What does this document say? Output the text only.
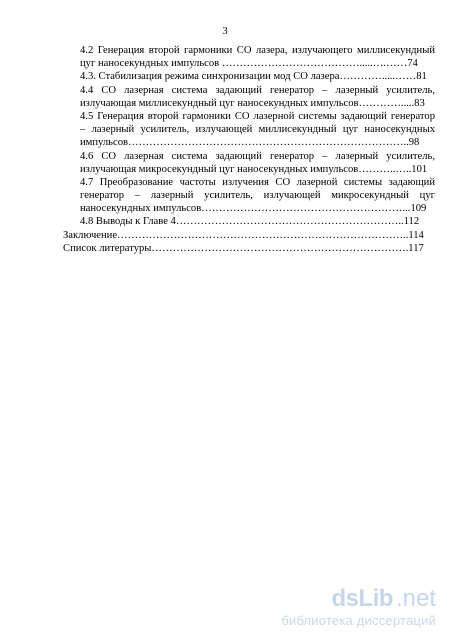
3
4.2 Генерация второй гармоники СО лазера, излучающего миллисекундный
цуг наносекундных импульсов ………………………………….....….……74
4.3. Стабилизация режима синхронизации мод СО лазера………….....……81
4.4 СО лазерная система задающий генератор – лазерный усилитель,
излучающая миллисекундный цуг наносекундных импульсов………….....83
4.5 Генерация второй гармоники СО лазерной системы задающий генератор
– лазерный усилитель, излучающей миллисекундный цуг наносекундных
импульсов……………………………………………………………………..98
4.6 СО лазерная система задающий генератор – лазерный усилитель,
излучающая микросекундный цуг наносекундных импульсов………..…..101
4.7 Преобразование частоты излучения СО лазерной системы задающий
генератор – лазерный усилитель, излучающей микросекундный цуг
наносекундных импульсов…………………………………………………...109
4.8 Выводы к Главе 4………………………………………………………..112
Заключение………………………………………………………………………..114
Список литературы……………………………………………………………….117
dsLib .net
библиотека диссертаций
